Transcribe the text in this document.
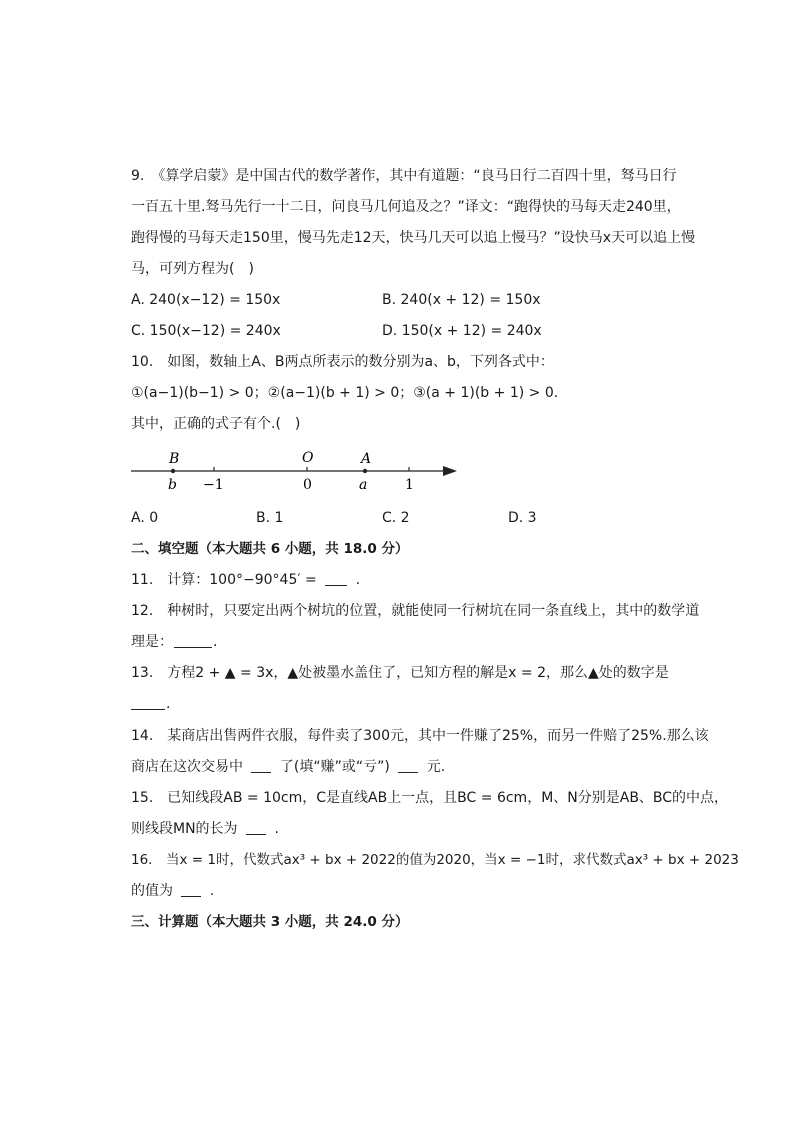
9.　《算学启蒙》是中国古代的数学著作，其中有道题：“良马日行二百四十里，驽马日行
一百五十里.驽马先行一十二日，问良马几何追及之？”译文：“跑得快的马每天走240里，
跑得慢的马每天走150里，慢马先走12天，快马几天可以追上慢马？”设快马x天可以追上慢
马，可列方程为(　)
A. 240(x−12) = 150x	B. 240(x + 12) = 150x
C. 150(x−12) = 240x	D. 150(x + 12) = 240x
10.　如图，数轴上A、B两点所表示的数分别为a、b，下列各式中：
①(a−1)(b−1) > 0；②(a−1)(b + 1) > 0；③(a + 1)(b + 1) > 0.
其中，正确的式子有个.(　)
B	O	A
b −1	0	a	1
A. 0	B. 1	C. 2	D. 3
二、填空题（本大题共 6 小题，共 18.0 分）
11.　计算：100°−90°45′ =  .
12.　种树时，只要定出两个树坑的位置，就能使同一行树坑在同一条直线上，其中的数学道
理是：	.
13.　方程2 + ▲ = 3x，▲处被墨水盖住了，已知方程的解是x = 2，那么▲处的数字是
.
14.　某商店出售两件衣服，每件卖了300元，其中一件赚了25%，而另一件赔了25%.那么该
商店在这次交易中  了(填“赚”或“亏”)  元.
15.　已知线段AB = 10cm，C是直线AB上一点，且BC = 6cm，M、N分别是AB、BC的中点，
则线段MN的长为  .
16.　当x = 1时，代数式ax³ + bx + 2022的值为2020，当x = −1时，求代数式ax³ + bx + 2023
的值为  .
三、计算题（本大题共 3 小题，共 24.0 分）
